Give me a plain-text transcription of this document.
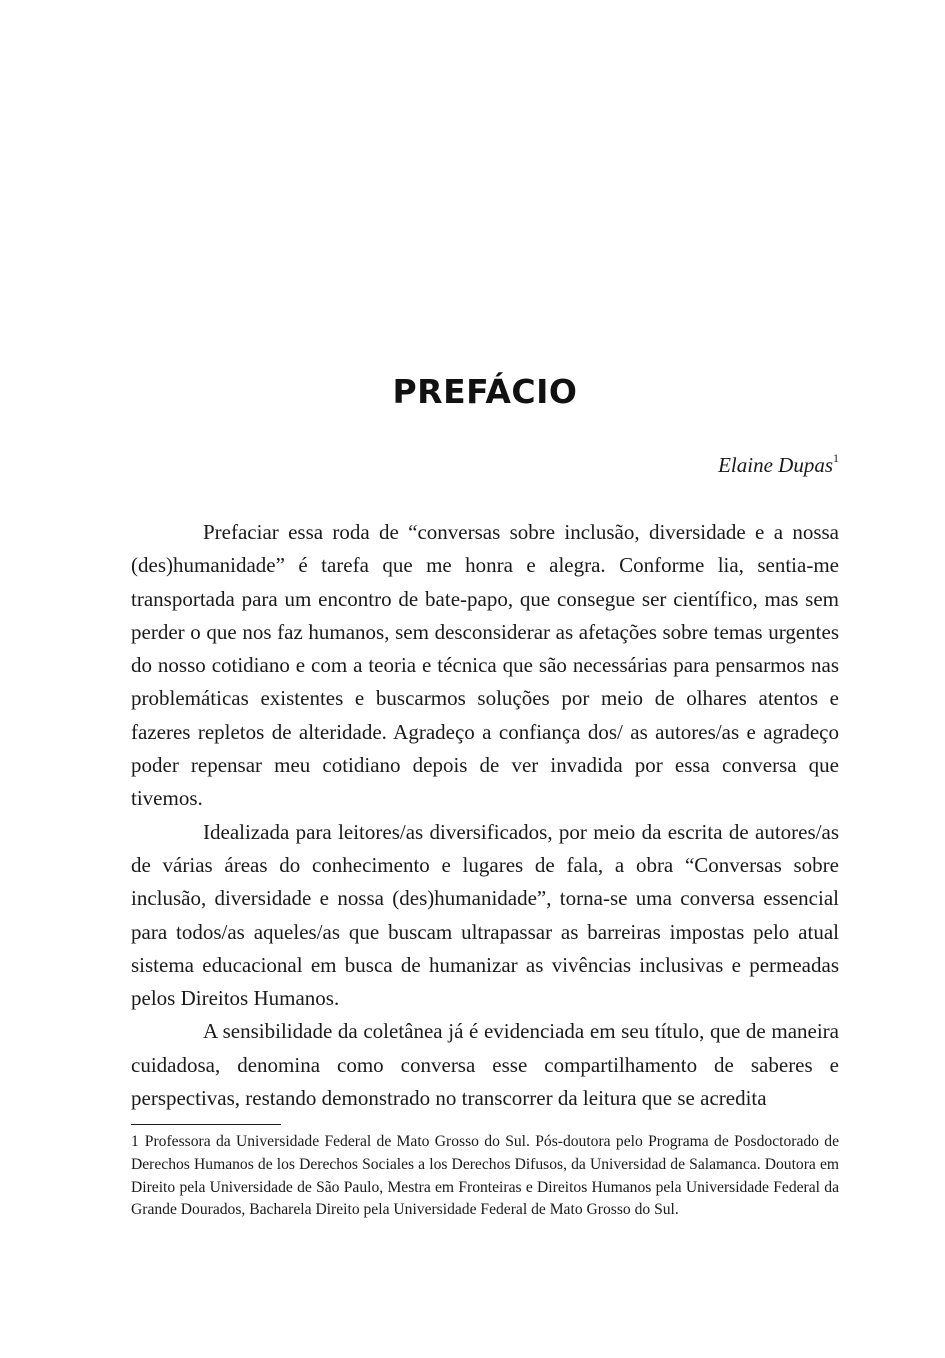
PREFÁCIO
Elaine Dupas$^1$

Prefaciar essa roda de “conversas sobre inclusão, diversidade e a nossa (des)humanidade” é tarefa que me honra e alegra. Conforme lia, sentia-me transportada para um encontro de bate-papo, que consegue ser científico, mas sem perder o que nos faz humanos, sem desconsiderar as afetações sobre temas urgentes do nosso cotidiano e com a teoria e técnica que são necessárias para pensarmos nas problemáticas existentes e buscarmos soluções por meio de olhares atentos e fazeres repletos de alteridade. Agradeço a confiança dos/ as autores/as e agradeço poder repensar meu cotidiano depois de ver invadida por essa conversa que tivemos.

Idealizada para leitores/as diversificados, por meio da escrita de autores/as de várias áreas do conhecimento e lugares de fala, a obra “Conversas sobre inclusão, diversidade e nossa (des)humanidade”, torna-se uma conversa essencial para todos/as aqueles/as que buscam ultrapassar as barreiras impostas pelo atual sistema educacional em busca de humanizar as vivências inclusivas e permeadas pelos Direitos Humanos.

A sensibilidade da coletânea já é evidenciada em seu título, que de maneira cuidadosa, denomina como conversa esse compartilhamento de saberes e perspectivas, restando demonstrado no transcorrer da leitura que se acredita

1 Professora da Universidade Federal de Mato Grosso do Sul. Pós-doutora pelo Programa de Posdoctorado de Derechos Humanos de los Derechos Sociales a los Derechos Difusos, da Universidad de Salamanca. Doutora em Direito pela Universidade de São Paulo, Mestra em Fronteiras e Direitos Humanos pela Universidade Federal da Grande Dourados, Bacharela Direito pela Universidade Federal de Mato Grosso do Sul.
